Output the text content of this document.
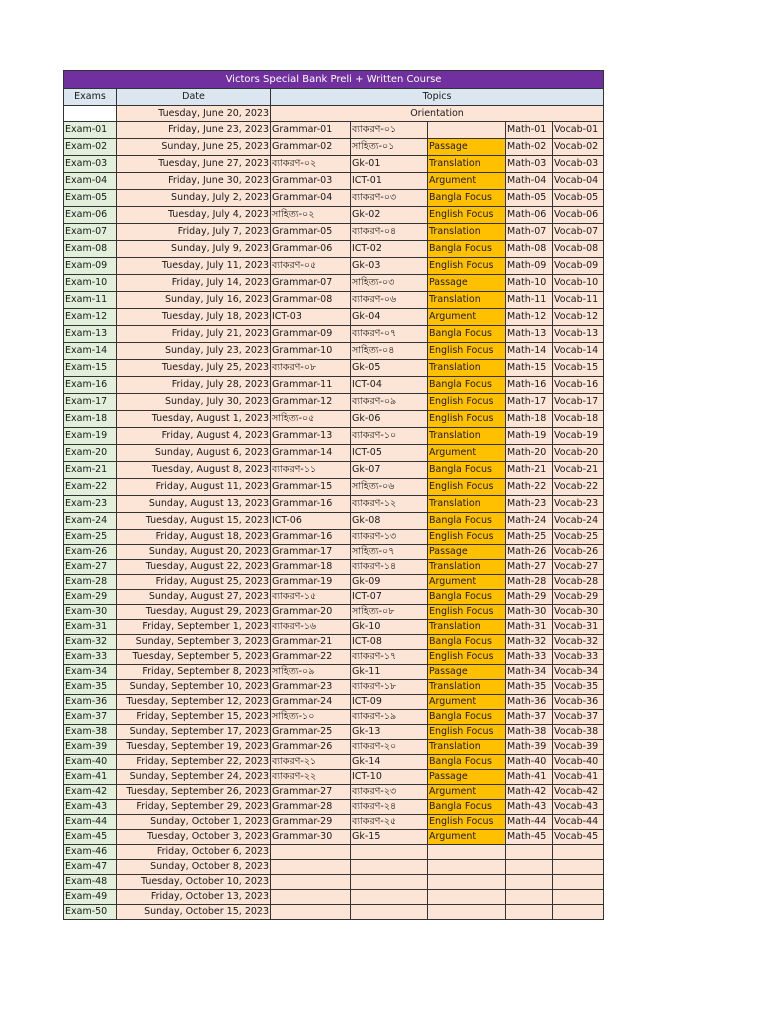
Victors Special Bank Preli + Written Course						
Exams	Date	Topics				
	Tuesday, June 20, 2023	Orientation				
Exam-01	Friday, June 23, 2023	Grammar-01	ব্যাকরণ-০১		Math-01	Vocab-01
Exam-02	Sunday, June 25, 2023	Grammar-02	সাহিত্য-০১	Passage	Math-02	Vocab-02
Exam-03	Tuesday, June 27, 2023	ব্যাকরণ-০২	Gk-01	Translation	Math-03	Vocab-03
Exam-04	Friday, June 30, 2023	Grammar-03	ICT-01	Argument	Math-04	Vocab-04
Exam-05	Sunday, July 2, 2023	Grammar-04	ব্যাকরণ-০৩	Bangla Focus	Math-05	Vocab-05
Exam-06	Tuesday, July 4, 2023	সাহিত্য-০২	Gk-02	English Focus	Math-06	Vocab-06
Exam-07	Friday, July 7, 2023	Grammar-05	ব্যাকরণ-০৪	Translation	Math-07	Vocab-07
Exam-08	Sunday, July 9, 2023	Grammar-06	ICT-02	Bangla Focus	Math-08	Vocab-08
Exam-09	Tuesday, July 11, 2023	ব্যাকরণ-০৫	Gk-03	English Focus	Math-09	Vocab-09
Exam-10	Friday, July 14, 2023	Grammar-07	সাহিত্য-০৩	Passage	Math-10	Vocab-10
Exam-11	Sunday, July 16, 2023	Grammar-08	ব্যাকরণ-০৬	Translation	Math-11	Vocab-11
Exam-12	Tuesday, July 18, 2023	ICT-03	Gk-04	Argument	Math-12	Vocab-12
Exam-13	Friday, July 21, 2023	Grammar-09	ব্যাকরণ-০৭	Bangla Focus	Math-13	Vocab-13
Exam-14	Sunday, July 23, 2023	Grammar-10	সাহিত্য-০৪	English Focus	Math-14	Vocab-14
Exam-15	Tuesday, July 25, 2023	ব্যাকরণ-০৮	Gk-05	Translation	Math-15	Vocab-15
Exam-16	Friday, July 28, 2023	Grammar-11	ICT-04	Bangla Focus	Math-16	Vocab-16
Exam-17	Sunday, July 30, 2023	Grammar-12	ব্যাকরণ-০৯	English Focus	Math-17	Vocab-17
Exam-18	Tuesday, August 1, 2023	সাহিত্য-০৫	Gk-06	English Focus	Math-18	Vocab-18
Exam-19	Friday, August 4, 2023	Grammar-13	ব্যাকরণ-১০	Translation	Math-19	Vocab-19
Exam-20	Sunday, August 6, 2023	Grammar-14	ICT-05	Argument	Math-20	Vocab-20
Exam-21	Tuesday, August 8, 2023	ব্যাকরণ-১১	Gk-07	Bangla Focus	Math-21	Vocab-21
Exam-22	Friday, August 11, 2023	Grammar-15	সাহিত্য-০৬	English Focus	Math-22	Vocab-22
Exam-23	Sunday, August 13, 2023	Grammar-16	ব্যাকরণ-১২	Translation	Math-23	Vocab-23
Exam-24	Tuesday, August 15, 2023	ICT-06	Gk-08	Bangla Focus	Math-24	Vocab-24
Exam-25	Friday, August 18, 2023	Grammar-16	ব্যাকরণ-১৩	English Focus	Math-25	Vocab-25
Exam-26	Sunday, August 20, 2023	Grammar-17	সাহিত্য-০৭	Passage	Math-26	Vocab-26
Exam-27	Tuesday, August 22, 2023	Grammar-18	ব্যাকরণ-১৪	Translation	Math-27	Vocab-27
Exam-28	Friday, August 25, 2023	Grammar-19	Gk-09	Argument	Math-28	Vocab-28
Exam-29	Sunday, August 27, 2023	ব্যাকরণ-১৫	ICT-07	Bangla Focus	Math-29	Vocab-29
Exam-30	Tuesday, August 29, 2023	Grammar-20	সাহিত্য-০৮	English Focus	Math-30	Vocab-30
Exam-31	Friday, September 1, 2023	ব্যাকরণ-১৬	Gk-10	Translation	Math-31	Vocab-31
Exam-32	Sunday, September 3, 2023	Grammar-21	ICT-08	Bangla Focus	Math-32	Vocab-32
Exam-33	Tuesday, September 5, 2023	Grammar-22	ব্যাকরণ-১৭	English Focus	Math-33	Vocab-33
Exam-34	Friday, September 8, 2023	সাহিত্য-০৯	Gk-11	Passage	Math-34	Vocab-34
Exam-35	Sunday, September 10, 2023	Grammar-23	ব্যাকরণ-১৮	Translation	Math-35	Vocab-35
Exam-36	Tuesday, September 12, 2023	Grammar-24	ICT-09	Argument	Math-36	Vocab-36
Exam-37	Friday, September 15, 2023	সাহিত্য-১০	ব্যাকরণ-১৯	Bangla Focus	Math-37	Vocab-37
Exam-38	Sunday, September 17, 2023	Grammar-25	Gk-13	English Focus	Math-38	Vocab-38
Exam-39	Tuesday, September 19, 2023	Grammar-26	ব্যাকরণ-২০	Translation	Math-39	Vocab-39
Exam-40	Friday, September 22, 2023	ব্যাকরণ-২১	Gk-14	Bangla Focus	Math-40	Vocab-40
Exam-41	Sunday, September 24, 2023	ব্যাকরণ-২২	ICT-10	Passage	Math-41	Vocab-41
Exam-42	Tuesday, September 26, 2023	Grammar-27	ব্যাকরণ-২৩	Argument	Math-42	Vocab-42
Exam-43	Friday, September 29, 2023	Grammar-28	ব্যাকরণ-২৪	Bangla Focus	Math-43	Vocab-43
Exam-44	Sunday, October 1, 2023	Grammar-29	ব্যাকরণ-২৫	English Focus	Math-44	Vocab-44
Exam-45	Tuesday, October 3, 2023	Grammar-30	Gk-15	Argument	Math-45	Vocab-45
Exam-46	Friday, October 6, 2023					
Exam-47	Sunday, October 8, 2023					
Exam-48	Tuesday, October 10, 2023					
Exam-49	Friday, October 13, 2023					
Exam-50	Sunday, October 15, 2023					
